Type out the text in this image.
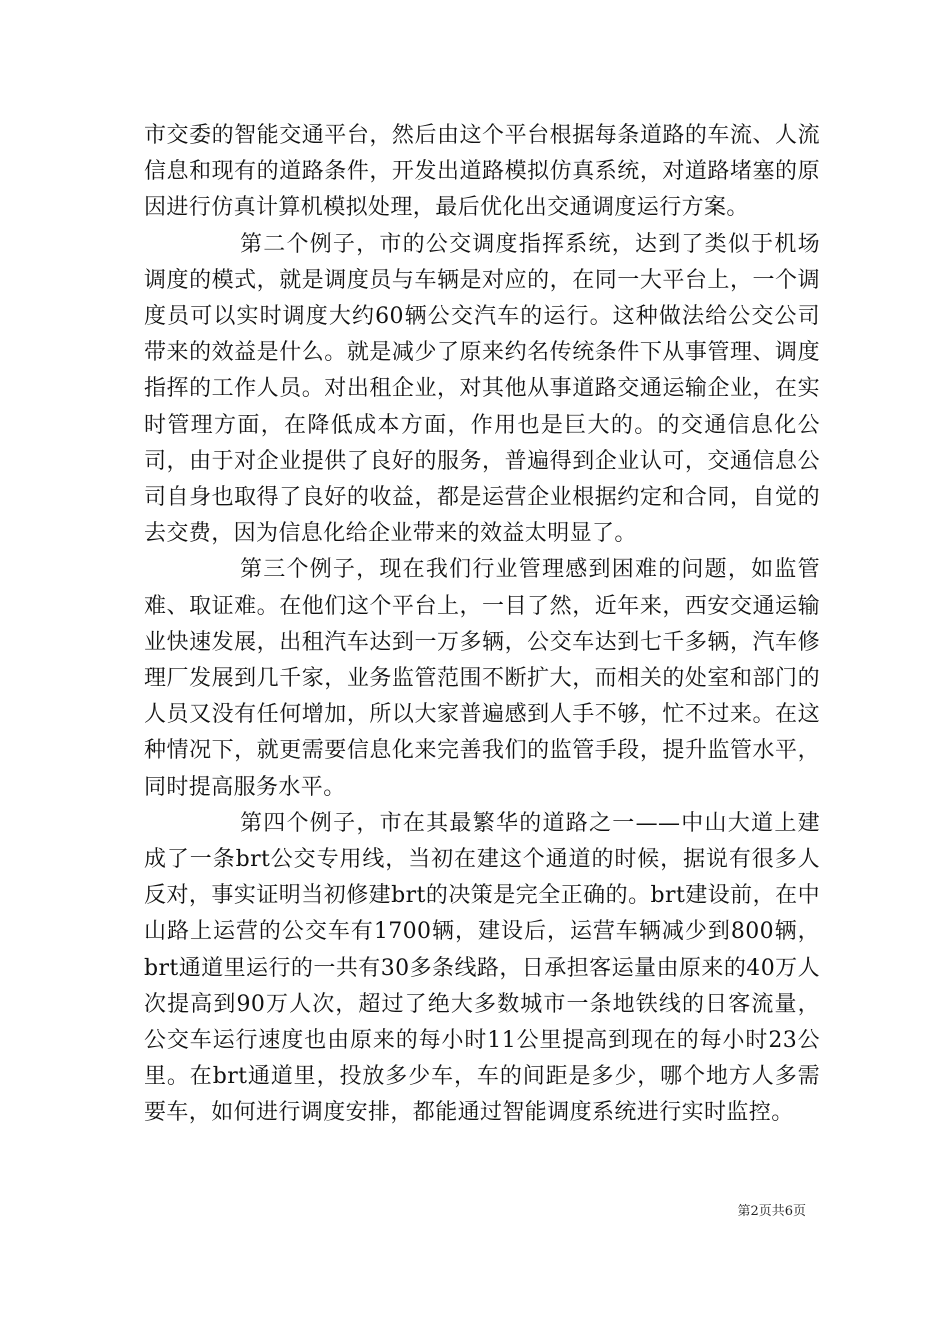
市交委的智能交通平台，然后由这个平台根据每条道路的车流、人流信息和现有的道路条件，开发出道路模拟仿真系统，对道路堵塞的原因进行仿真计算机模拟处理，最后优化出交通调度运行方案。

第二个例子，市的公交调度指挥系统，达到了类似于机场调度的模式，就是调度员与车辆是对应的，在同一大平台上，一个调度员可以实时调度大约60辆公交汽车的运行。这种做法给公交公司带来的效益是什么。就是减少了原来约名传统条件下从事管理、调度指挥的工作人员。对出租企业，对其他从事道路交通运输企业，在实时管理方面，在降低成本方面，作用也是巨大的。的交通信息化公司，由于对企业提供了良好的服务，普遍得到企业认可，交通信息公司自身也取得了良好的收益，都是运营企业根据约定和合同，自觉的去交费，因为信息化给企业带来的效益太明显了。

第三个例子，现在我们行业管理感到困难的问题，如监管难、取证难。在他们这个平台上，一目了然，近年来，西安交通运输业快速发展，出租汽车达到一万多辆，公交车达到七千多辆，汽车修理厂发展到几千家，业务监管范围不断扩大，而相关的处室和部门的人员又没有任何增加，所以大家普遍感到人手不够，忙不过来。在这种情况下，就更需要信息化来完善我们的监管手段，提升监管水平，同时提高服务水平。

第四个例子，市在其最繁华的道路之一——中山大道上建成了一条brt公交专用线，当初在建这个通道的时候，据说有很多人反对，事实证明当初修建brt的决策是完全正确的。brt建设前，在中山路上运营的公交车有1700辆，建设后，运营车辆减少到800辆，brt通道里运行的一共有30多条线路，日承担客运量由原来的40万人次提高到90万人次，超过了绝大多数城市一条地铁线的日客流量，公交车运行速度也由原来的每小时11公里提高到现在的每小时23公里。在brt通道里，投放多少车，车的间距是多少，哪个地方人多需要车，如何进行调度安排，都能通过智能调度系统进行实时监控。

第2页共6页
